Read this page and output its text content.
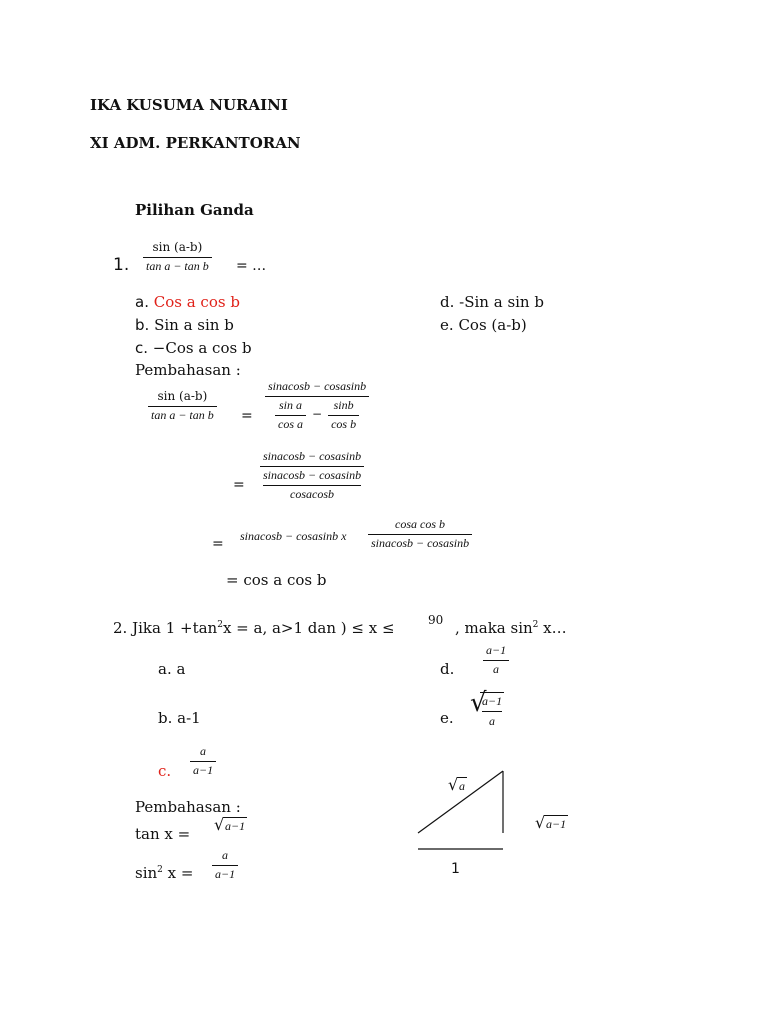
IKA KUSUMA NURAINI
XI ADM. PERKANTORAN
Pilihan Ganda
1.
sin (a-b)
tan a − tan b = …
a. Cos a cos b
b. Sin a sin b
c. −Cos a cos b
d. -Sin a sin b
e. Cos (a-b)
Pembahasan :
sin (a-b)
tan a − tan b =
sinacosb − cosasinb
$\frac{\text{sin a}}{\text{cos a}} - \frac{\sin b}{\text{cos b}}$
=
sinacosb − cosasinb
sinacosb − cosasinb
cosacosb
= sinacosb − cosasinb x
cosa cos b
sinacosb − cosasinb
= cos a cos b
2. Jika $1 +\tan^2x = a$, a>1 dan ) ≤ x ≤	90 , maka $\sin^2$ x…
a. a
b. a-1
c.
a
a−1
d.
a−1
a
e. √
$\frac{a-1}{a}$
Pembahasan :
tan x = √ a−1
$\sin^2 x$ =
a
a−1
√ a
√ a−1
1
